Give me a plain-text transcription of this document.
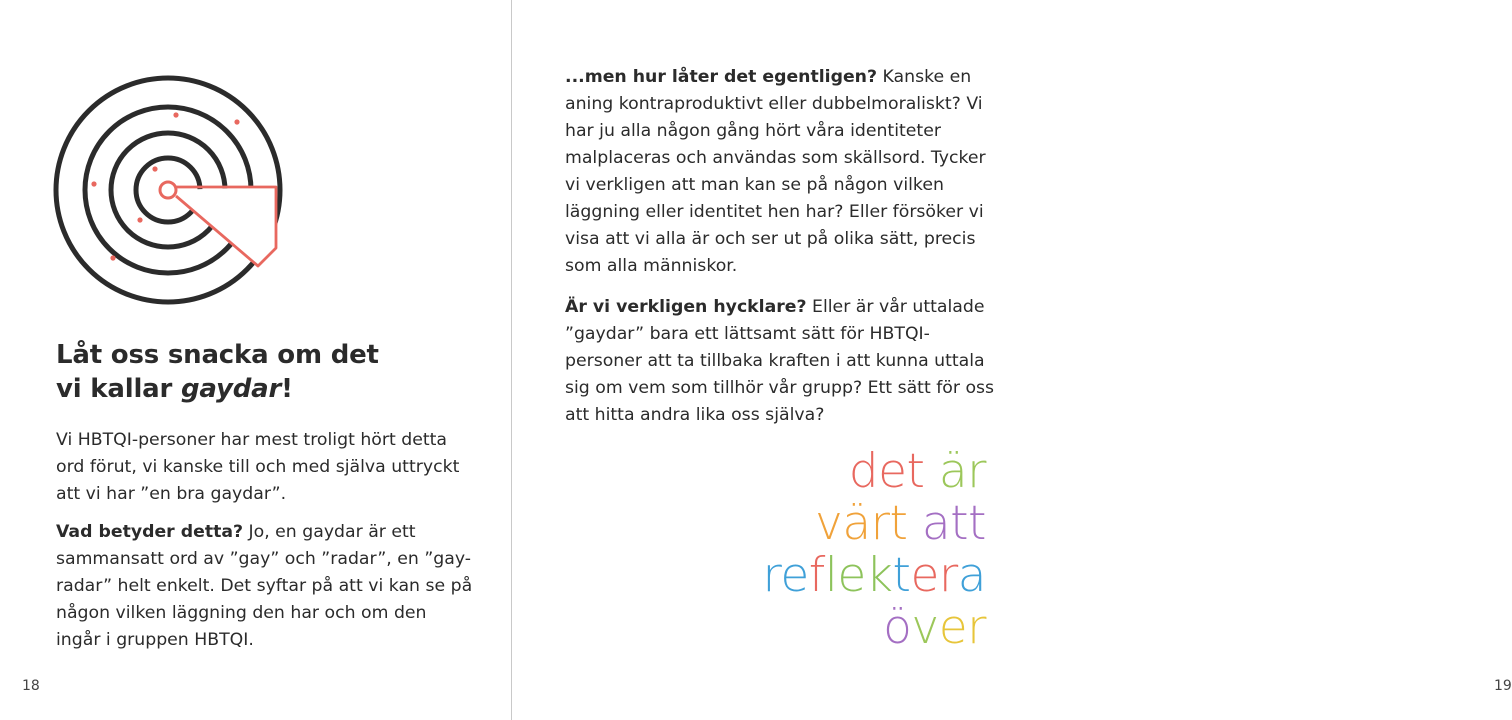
Låt oss snacka om det
vi kallar gaydar!

Vi HBTQI-personer har mest troligt hört detta ord förut, vi kanske till och med själva uttryckt att vi har ”en bra gaydar”.

Vad betyder detta? Jo, en gaydar är ett sammansatt ord av ”gay” och ”radar”, en ”gay-radar” helt enkelt. Det syftar på att vi kan se på någon vilken läggning den har och om den ingår i gruppen HBTQI.

18	19

...men hur låter det egentligen? Kanske en aning kontraproduktivt eller dubbelmoraliskt? Vi har ju alla någon gång hört våra identiteter malplaceras och användas som skällsord. Tycker vi verkligen att man kan se på någon vilken läggning eller identitet hen har? Eller försöker vi visa att vi alla är och ser ut på olika sätt, precis som alla människor.

Är vi verkligen hycklare? Eller är vår uttalade ”gaydar” bara ett lättsamt sätt för HBTQI-personer att ta tillbaka kraften i att kunna uttala sig om vem som tillhör vår grupp? Ett sätt för oss att hitta andra lika oss själva?

det är
värt att
reflektera
över
